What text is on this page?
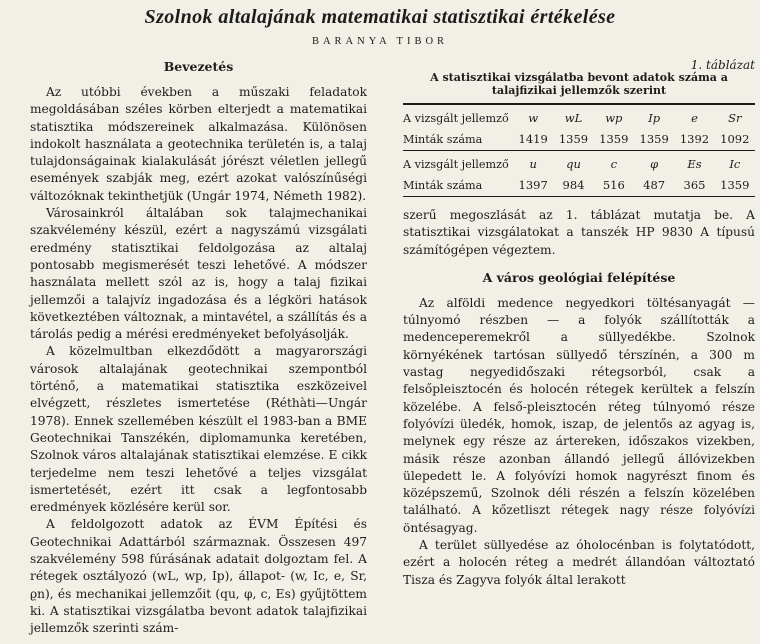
Szolnok altalajának matematikai statisztikai értékelése
BARANYA TIBOR
Bevezetés

Az utóbbi években a műszaki feladatok megoldásában széles körben elterjedt a matematikai statisztika módszereinek alkalmazása. Különösen indokolt használata a geotechnika területén is, a talaj tulajdonságainak kialakulását jórészt véletlen jellegű események szabják meg, ezért azokat valószínűségi változóknak tekinthetjük (Ungár 1974, Németh 1982).

Városainkról általában sok talajmechanikai szakvélemény készül, ezért a nagyszámú vizsgálati eredmény statisztikai feldolgozása az altalaj pontosabb megismerését teszi lehetővé. A módszer használata mellett szól az is, hogy a talaj fizikai jellemzői a talajvíz ingadozása és a légköri hatások következtében változnak, a mintavétel, a szállítás és a tárolás pedig a mérési eredményeket befolyásolják.

A közelmultban elkezdődött a magyarországi városok altalajának geotechnikai szempontból történő, a matematikai statisztika eszközeivel elvégzett, részletes ismertetése (Réthàti—Ungár 1978). Ennek szellemében készült el 1983-ban a BME Geotechnikai Tanszékén, diplomamunka keretében, Szolnok város altalajának statisztikai elemzése. E cikk terjedelme nem teszi lehetővé a teljes vizsgálat ismertetését, ezért itt csak a legfontosabb eredmények közlésére kerül sor.

A feldolgozott adatok az ÉVM Építési és Geotechnikai Adattárból származnak. Összesen 497 szakvélemény 598 fúrásának adatait dolgoztam fel. A rétegek osztályozó (wL, wp, Ip), állapot- (w, Ic, e, Sr, ϱn), és mechanikai jellemzőit (qu, φ, c, Es) gyűjtöttem ki. A statisztikai vizsgálatba bevont adatok talajfizikai jellemzők szerinti szám-

1. táblázat
A statisztikai vizsgálatba bevont adatok száma a talajfizikai jellemzők szerint
A vizsgált jellemző	w	wL	wp	Ip	e	Sr
Minták száma	1419	1359	1359	1359	1392	1092
A vizsgált jellemző	u	qu	c	φ	Es	Ic
Minták száma	1397	984	516	487	365	1359

szerű megoszlását az 1. táblázat mutatja be. A statisztikai vizsgálatokat a tanszék HP 9830 A típusú számítógépen végeztem.

A város geológiai felépítése

Az alföldi medence negyedkori töltésanyagát — túlnyomó részben — a folyók szállították a medenceperemekről a süllyedékbe. Szolnok környékének tartósan süllyedő térszínén, a 300 m vastag negyedidőszaki rétegsorból, csak a felsőpleisztocén és holocén rétegek kerültek a felszín közelébe. A felső-pleisztocén réteg túlnyomó része folyóvízi üledék, homok, iszap, de jelentős az agyag is, melynek egy része az ártereken, időszakos vizekben, másik része azonban állandó jellegű állóvizekben ülepedett le. A folyóvízi homok nagyrészt finom és középszemű, Szolnok déli részén a felszín közelében található. A kőzetliszt rétegek nagy része folyóvízi öntésagyag.

A terület süllyedése az óholocénban is folytatódott, ezért a holocén réteg a medrét állandóan változtató Tisza és Zagyva folyók által lerakott
